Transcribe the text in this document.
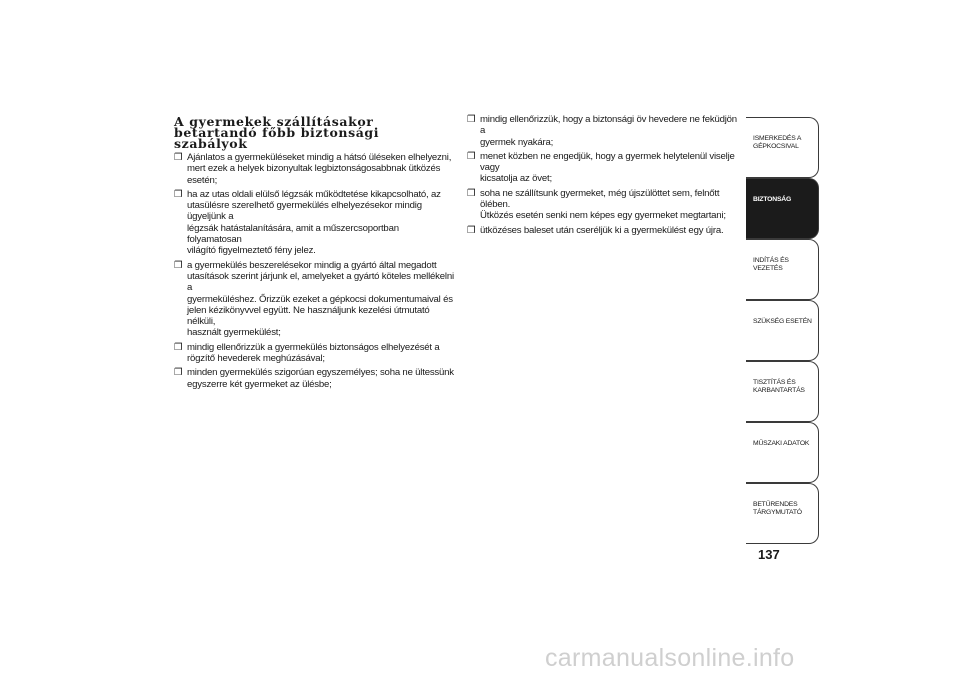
A gyermekek szállításakor
betartandó főbb biztonsági
szabályok
❒ Ajánlatos a gyermeküléseket mindig a hátsó üléseken elhelyezni,
mert ezek a helyek bizonyultak legbiztonságosabbnak ütközés
esetén;
❒ ha az utas oldali elülső légzsák működtetése kikapcsolható, az
utasülésre szerelhető gyermekülés elhelyezésekor mindig ügyeljünk a
légzsák hatástalanítására, amit a műszercsoportban folyamatosan
világító figyelmeztető fény jelez.
❒ a gyermekülés beszerelésekor mindig a gyártó által megadott
utasítások szerint járjunk el, amelyeket a gyártó köteles mellékelni a
gyermeküléshez. Őrizzük ezeket a gépkocsi dokumentumaival és
jelen kézikönyvvel együtt. Ne használjunk kezelési útmutató nélküli,
használt gyermekülést;
❒ mindig ellenőrizzük a gyermekülés biztonságos elhelyezését a
rögzítő hevederek meghúzásával;
❒ minden gyermekülés szigorúan egyszemélyes; soha ne ültessünk
egyszerre két gyermeket az ülésbe;
❒ mindig ellenőrizzük, hogy a biztonsági öv hevedere ne feküdjön a
gyermek nyakára;
❒ menet közben ne engedjük, hogy a gyermek helytelenül viselje vagy
kicsatolja az övet;
❒ soha ne szállítsunk gyermeket, még újszülöttet sem, felnőtt ölében.
Ütközés esetén senki nem képes egy gyermeket megtartani;
❒ ütközéses baleset után cseréljük ki a gyermekülést egy újra.
ISMERKEDÉS A
GÉPKOCSIVAL
BIZTONSÁG
INDÍTÁS ÉS VEZETÉS
SZÜKSÉG ESETÉN
TISZTÍTÁS ÉS
KARBANTARTÁS
MŰSZAKI ADATOK
BETŰRENDES
TÁRGYMUTATÓ
137
carmanualsonline.info
